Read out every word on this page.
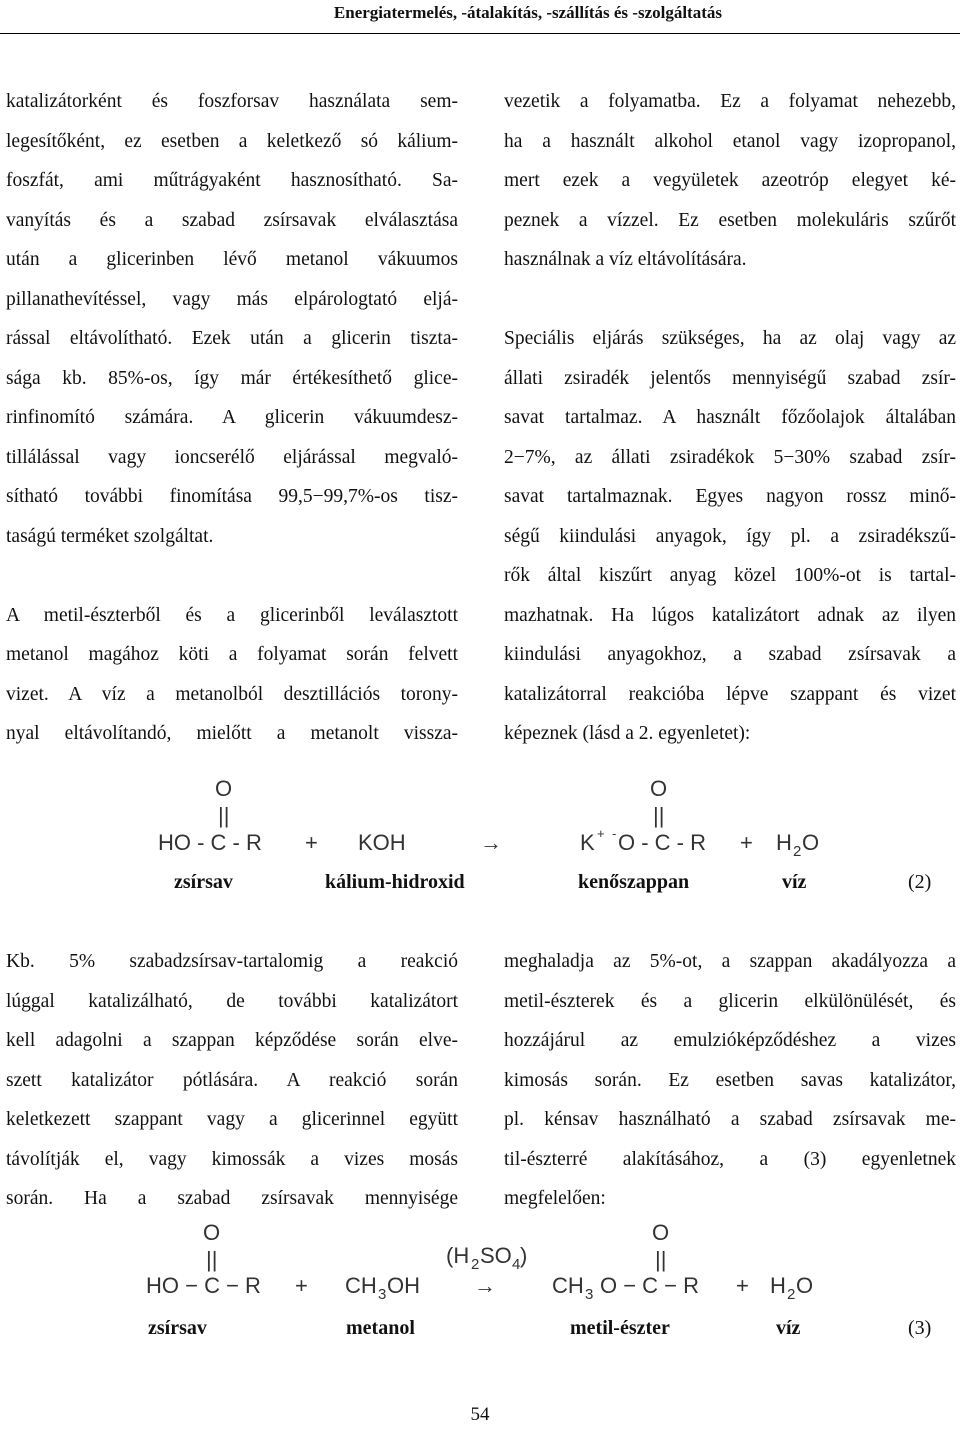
Energiatermelés, -átalakítás, -szállítás és -szolgáltatás

katalizátorként és foszforsav használata sem-
legesítőként, ez esetben a keletkező só kálium-
foszfát, ami műtrágyaként hasznosítható. Sa-
vanyítás és a szabad zsírsavak elválasztása
után a glicerinben lévő metanol vákuumos
pillanathevítéssel, vagy más elpárologtató eljá-
rással eltávolítható. Ezek után a glicerin tiszta-
sága kb. 85%-os, így már értékesíthető glice-
rinfinomító számára. A glicerin vákuumdesz-
tillálással vagy ioncserélő eljárással megvaló-
sítható további finomítása 99,5−99,7%-os tisz-
taságú terméket szolgáltat.

A metil-észterből és a glicerinből leválasztott
metanol magához köti a folyamat során felvett
vizet. A víz a metanolból desztillációs torony-
nyal eltávolítandó, mielőtt a metanolt vissza-

vezetik a folyamatba. Ez a folyamat nehezebb,
ha a használt alkohol etanol vagy izopropanol,
mert ezek a vegyületek azeotróp elegyet ké-
peznek a vízzel. Ez esetben molekuláris szűrőt
használnak a víz eltávolítására.

Speciális eljárás szükséges, ha az olaj vagy az
állati zsiradék jelentős mennyiségű szabad zsír-
savat tartalmaz. A használt főzőolajok általában
2−7%, az állati zsiradékok 5−30% szabad zsír-
savat tartalmaznak. Egyes nagyon rossz minő-
ségű kiindulási anyagok, így pl. a zsiradékszű-
rők által kiszűrt anyag közel 100%-ot is tartal-
mazhatnak. Ha lúgos katalizátort adnak az ilyen
kiindulási anyagokhoz, a szabad zsírsavak a
katalizátorral reakcióba lépve szappant és vizet
képeznek (lásd a 2. egyenletet):

O
||
HO - C - R + KOH	→
O
||
K + - O - C - R + H 2 O
zsírsav	kálium-hidroxid	kenőszappan	víz	(2)

Kb. 5% szabadzsírsav-tartalomig a reakció
lúggal katalizálható, de további katalizátort
kell adagolni a szappan képződése során elve-
szett katalizátor pótlására. A reakció során
keletkezett szappant vagy a glicerinnel együtt
távolítják el, vagy kimossák a vizes mosás
során. Ha a szabad zsírsavak mennyisége

meghaladja az 5%-ot, a szappan akadályozza a
metil-észterek és a glicerin elkülönülését, és
hozzájárul az emulzióképződéshez a vizes
kimosás során. Ez esetben savas katalizátor,
pl. kénsav használható a szabad zsírsavak me-
til-észterré alakításához, a (3) egyenletnek
megfelelően:

O
||
HO − C − R + CH 3 OH
(H 2 SO 4 )
→
O
||
CH 3 O − C − R + H 2 O
zsírsav	metanol	metil-észter	víz	(3)
54
